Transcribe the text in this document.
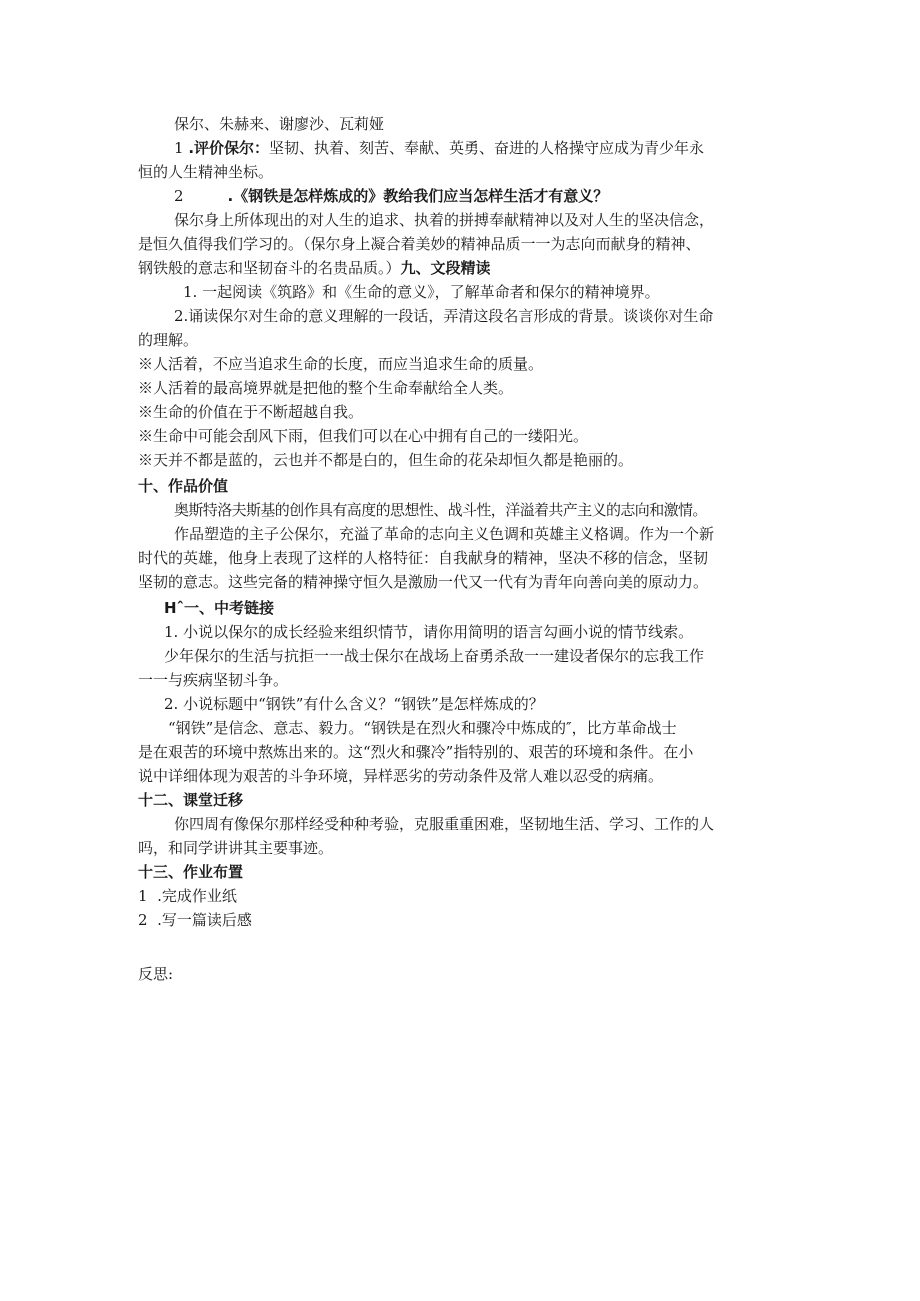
保尔、朱赫来、谢廖沙、瓦莉娅
1 .评价保尔：坚韧、执着、刻苦、奉献、英勇、奋进的人格操守应成为青少年永
恒的人生精神坐标。
2	.《钢铁是怎样炼成的》教给我们应当怎样生活才有意义？
保尔身上所体现出的对人生的追求、执着的拼搏奉献精神以及对人生的坚决信念，
是恒久值得我们学习的。（保尔身上凝合着美妙的精神品质一一为志向而献身的精神、
钢铁般的意志和坚韧奋斗的名贵品质。）九、文段精读
1. 一起阅读《筑路》和《生命的意义》，了解革命者和保尔的精神境界。
2.诵读保尔对生命的意义理解的一段话，弄清这段名言形成的背景。谈谈你对生命
的理解。
※人活着，不应当追求生命的长度，而应当追求生命的质量。
※人活着的最高境界就是把他的整个生命奉献给全人类。
※生命的价值在于不断超越自我。
※生命中可能会刮风下雨，但我们可以在心中拥有自己的一缕阳光。
※天并不都是蓝的，云也并不都是白的，但生命的花朵却恒久都是艳丽的。
十、作品价值
奥斯特洛夫斯基的创作具有高度的思想性、战斗性，洋溢着共产主义的志向和激情。
作品塑造的主子公保尔，充溢了革命的志向主义色调和英雄主义格调。作为一个新
时代的英雄，他身上表现了这样的人格特征：自我献身的精神，坚决不移的信念，坚韧
坚韧的意志。这些完备的精神操守恒久是激励一代又一代有为青年向善向美的原动力。
Hˆ一、中考链接
1. 小说以保尔的成长经验来组织情节，请你用简明的语言勾画小说的情节线索。
少年保尔的生活与抗拒一一战士保尔在战场上奋勇杀敌一一建设者保尔的忘我工作
一一与疾病坚韧斗争。
2. 小说标题中“钢铁”有什么含义？“钢铁”是怎样炼成的？
“钢铁”是信念、意志、毅力。“钢铁是在烈火和骤冷中炼成的″，比方革命战士
是在艰苦的环境中熬炼出来的。这“烈火和骤冷”指特别的、艰苦的环境和条件。在小
说中详细体现为艰苦的斗争环境，异样恶劣的劳动条件及常人难以忍受的病痛。
十二、课堂迁移
你四周有像保尔那样经受种种考验，克服重重困难，坚韧地生活、学习、工作的人
吗，和同学讲讲其主要事迹。
十三、作业布置
1 .完成作业纸
2 .写一篇读后感
反思:
